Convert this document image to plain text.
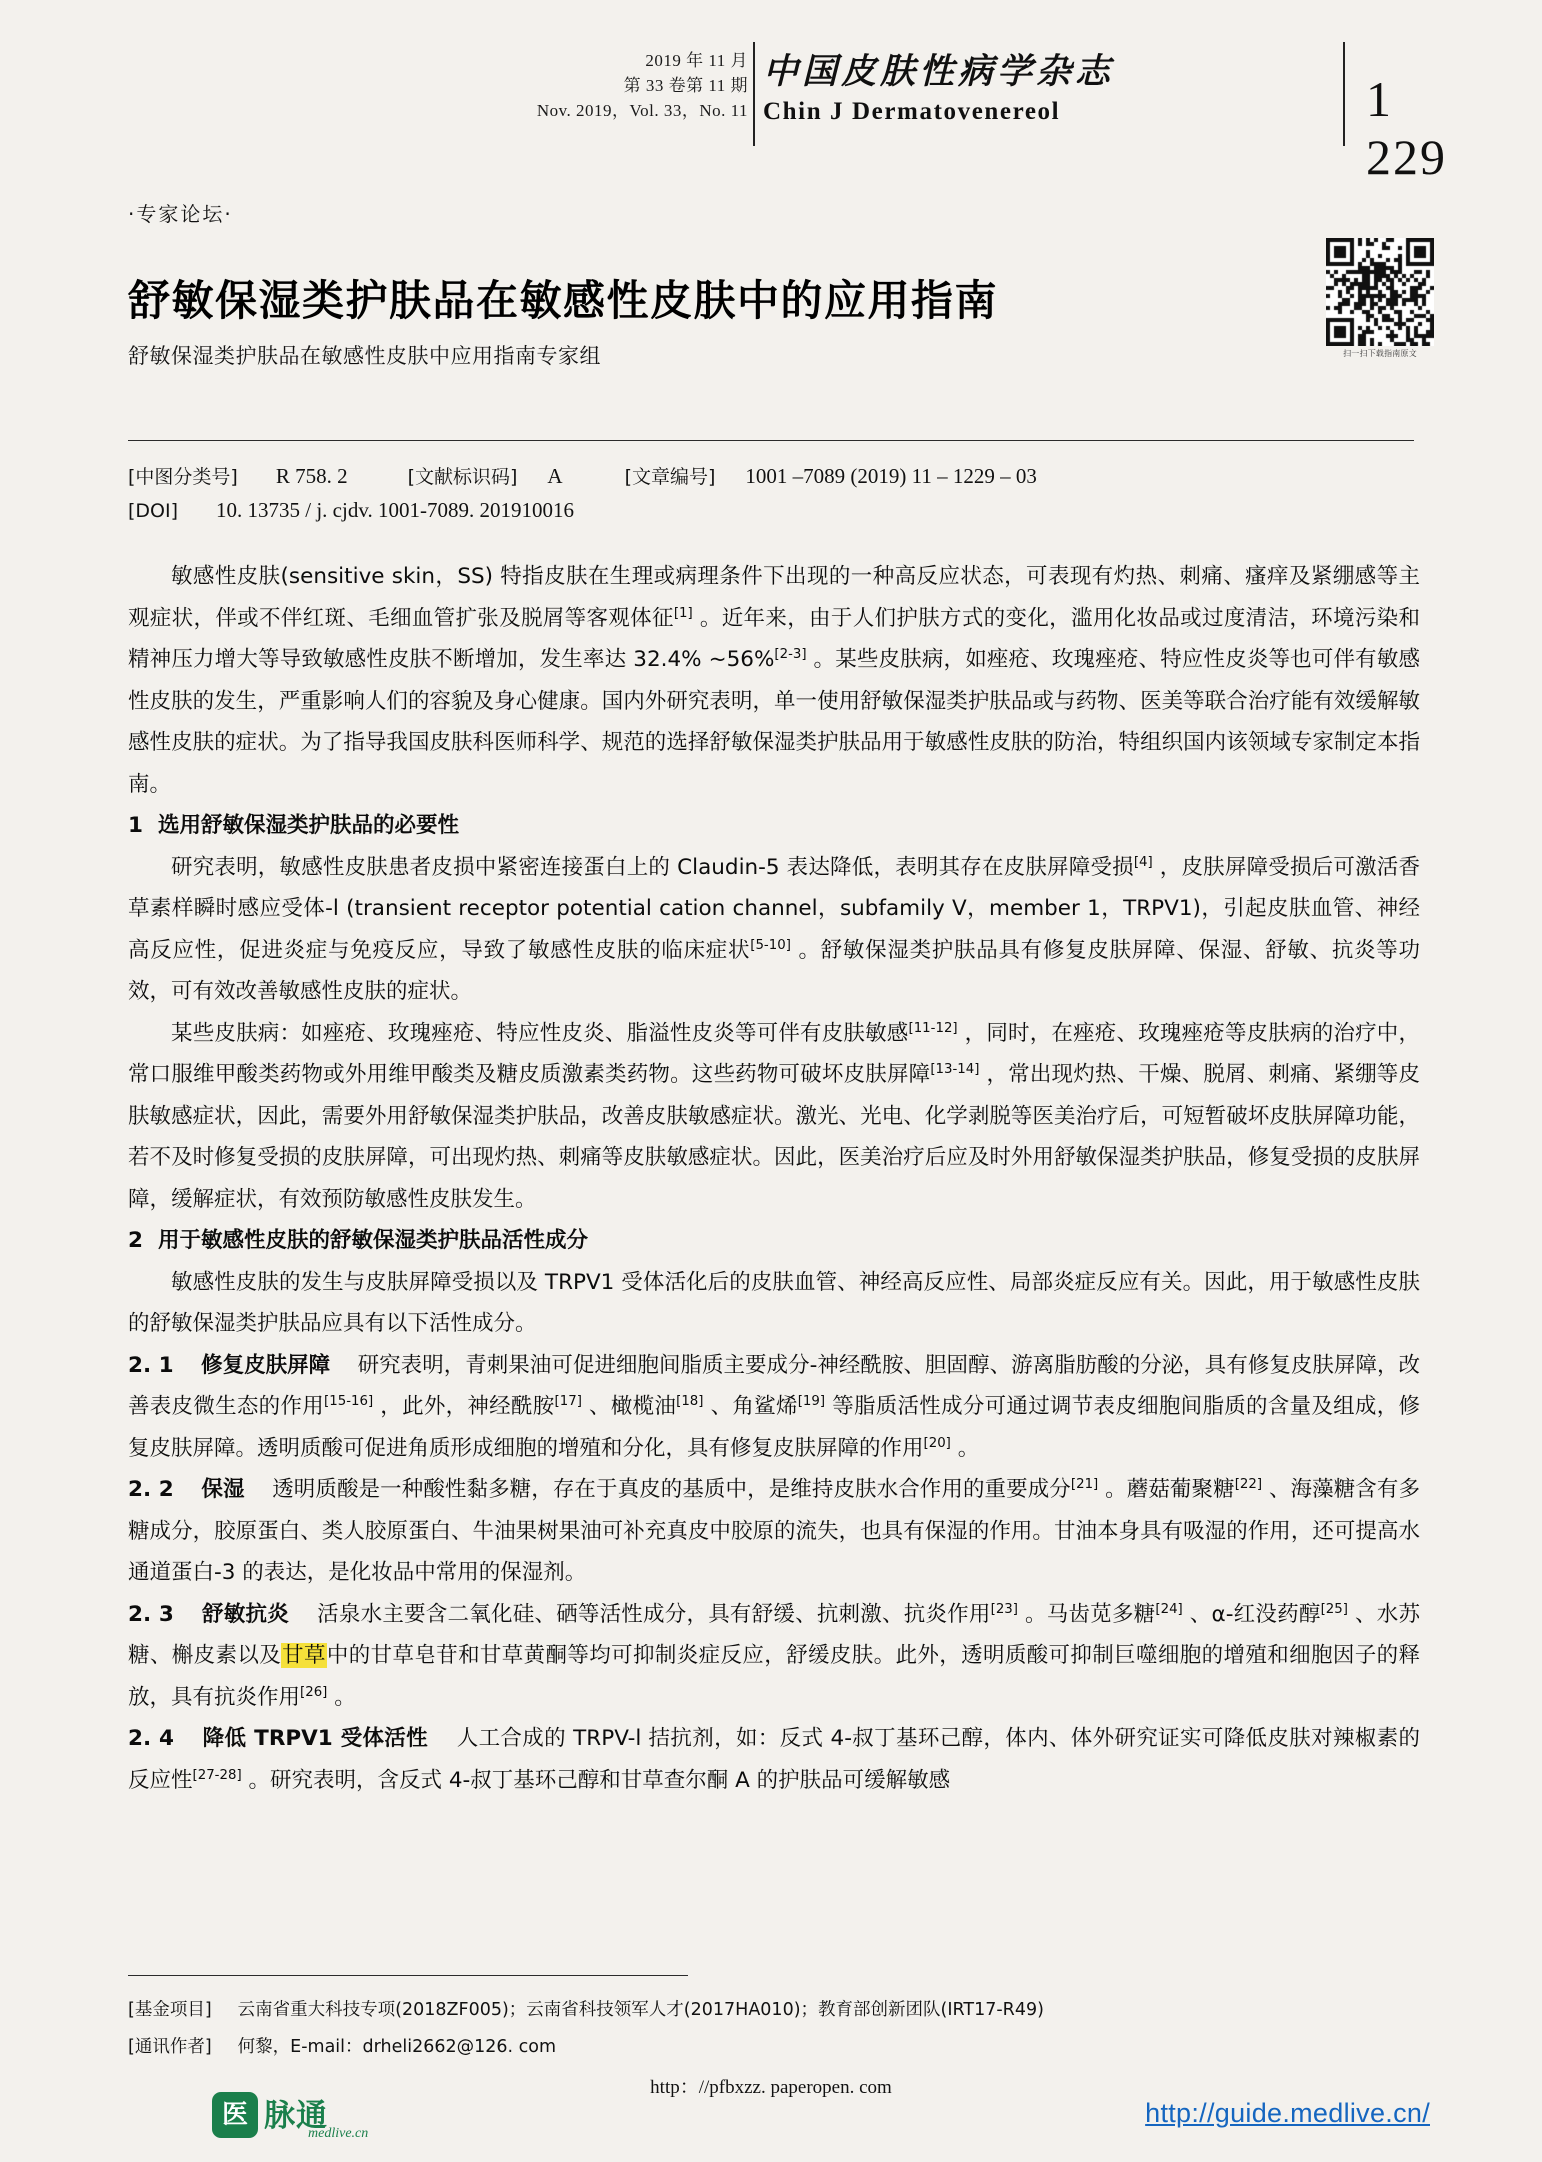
2019 年 11 月
第 33 卷第 11 期
Nov. 2019，Vol. 33，No. 11
中国皮肤性病学杂志
Chin J Dermatovenereol	1 229
·专家论坛·
舒敏保湿类护肤品在敏感性皮肤中的应用指南
舒敏保湿类护肤品在敏感性皮肤中应用指南专家组	扫一扫下载指南原文
[中图分类号] R 758. 2	[文献标识码] A	[文章编号] 1001 –7089 (2019) 11 – 1229 – 03
[DOI] 10. 13735 / j. cjdv. 1001-7089. 201910016

敏感性皮肤(sensitive skin，SS) 特指皮肤在生理或病理条件下出现的一种高反应状态，可表现有灼热、刺痛、瘙痒及紧绷感等主观症状，伴或不伴红斑、毛细血管扩张及脱屑等客观体征[1] 。近年来，由于人们护肤方式的变化，滥用化妆品或过度清洁，环境污染和精神压力增大等导致敏感性皮肤不断增加，发生率达 32.4% ~56%[2-3] 。某些皮肤病，如痤疮、玫瑰痤疮、特应性皮炎等也可伴有敏感性皮肤的发生，严重影响人们的容貌及身心健康。国内外研究表明，单一使用舒敏保湿类护肤品或与药物、医美等联合治疗能有效缓解敏感性皮肤的症状。为了指导我国皮肤科医师科学、规范的选择舒敏保湿类护肤品用于敏感性皮肤的防治，特组织国内该领域专家制定本指南。

1 选用舒敏保湿类护肤品的必要性

研究表明，敏感性皮肤患者皮损中紧密连接蛋白上的 Claudin-5 表达降低，表明其存在皮肤屏障受损[4] ，皮肤屏障受损后可激活香草素样瞬时感应受体-l (transient receptor potential cation channel，subfamily V，member 1，TRPV1)，引起皮肤血管、神经高反应性，促进炎症与免疫反应，导致了敏感性皮肤的临床症状[5-10] 。舒敏保湿类护肤品具有修复皮肤屏障、保湿、舒敏、抗炎等功效，可有效改善敏感性皮肤的症状。

某些皮肤病：如痤疮、玫瑰痤疮、特应性皮炎、脂溢性皮炎等可伴有皮肤敏感[11-12] ，同时，在痤疮、玫瑰痤疮等皮肤病的治疗中，常口服维甲酸类药物或外用维甲酸类及糖皮质激素类药物。这些药物可破坏皮肤屏障[13-14] ，常出现灼热、干燥、脱屑、刺痛、紧绷等皮肤敏感症状，因此，需要外用舒敏保湿类护肤品，改善皮肤敏感症状。激光、光电、化学剥脱等医美治疗后，可短暂破坏皮肤屏障功能，若不及时修复受损的皮肤屏障，可出现灼热、刺痛等皮肤敏感症状。因此，医美治疗后应及时外用舒敏保湿类护肤品，修复受损的皮肤屏障，缓解症状，有效预防敏感性皮肤发生。

2 用于敏感性皮肤的舒敏保湿类护肤品活性成分

敏感性皮肤的发生与皮肤屏障受损以及 TRPV1 受体活化后的皮肤血管、神经高反应性、局部炎症反应有关。因此，用于敏感性皮肤的舒敏保湿类护肤品应具有以下活性成分。

2. 1 修复皮肤屏障 研究表明，青刺果油可促进细胞间脂质主要成分-神经酰胺、胆固醇、游离脂肪酸的分泌，具有修复皮肤屏障，改善表皮微生态的作用[15-16] ，此外，神经酰胺[17] 、橄榄油[18] 、角鲨烯[19] 等脂质活性成分可通过调节表皮细胞间脂质的含量及组成，修复皮肤屏障。透明质酸可促进角质形成细胞的增殖和分化，具有修复皮肤屏障的作用[20] 。

2. 2 保湿 透明质酸是一种酸性黏多糖，存在于真皮的基质中，是维持皮肤水合作用的重要成分[21] 。蘑菇葡聚糖[22] 、海藻糖含有多糖成分，胶原蛋白、类人胶原蛋白、牛油果树果油可补充真皮中胶原的流失，也具有保湿的作用。甘油本身具有吸湿的作用，还可提高水通道蛋白-3 的表达，是化妆品中常用的保湿剂。

2. 3 舒敏抗炎 活泉水主要含二氧化硅、硒等活性成分，具有舒缓、抗刺激、抗炎作用[23] 。马齿苋多糖[24] 、α-红没药醇[25] 、水苏糖、槲皮素以及甘草中的甘草皂苷和甘草黄酮等均可抑制炎症反应，舒缓皮肤。此外，透明质酸可抑制巨噬细胞的增殖和细胞因子的释放，具有抗炎作用[26] 。

2. 4 降低 TRPV1 受体活性 人工合成的 TRPV-l 拮抗剂，如：反式 4-叔丁基环己醇，体内、体外研究证实可降低皮肤对辣椒素的反应性[27-28] 。研究表明，含反式 4-叔丁基环己醇和甘草查尔酮 A 的护肤品可缓解敏感

[基金项目] 云南省重大科技专项(2018ZF005)；云南省科技领军人才(2017HA010)；教育部创新团队(IRT17-R49)
[通讯作者] 何黎，E-mail：drheli2662@126. com
http：//pfbxzz. paperopen. com
医 脉通
medlive.cn
http://guide.medlive.cn/
